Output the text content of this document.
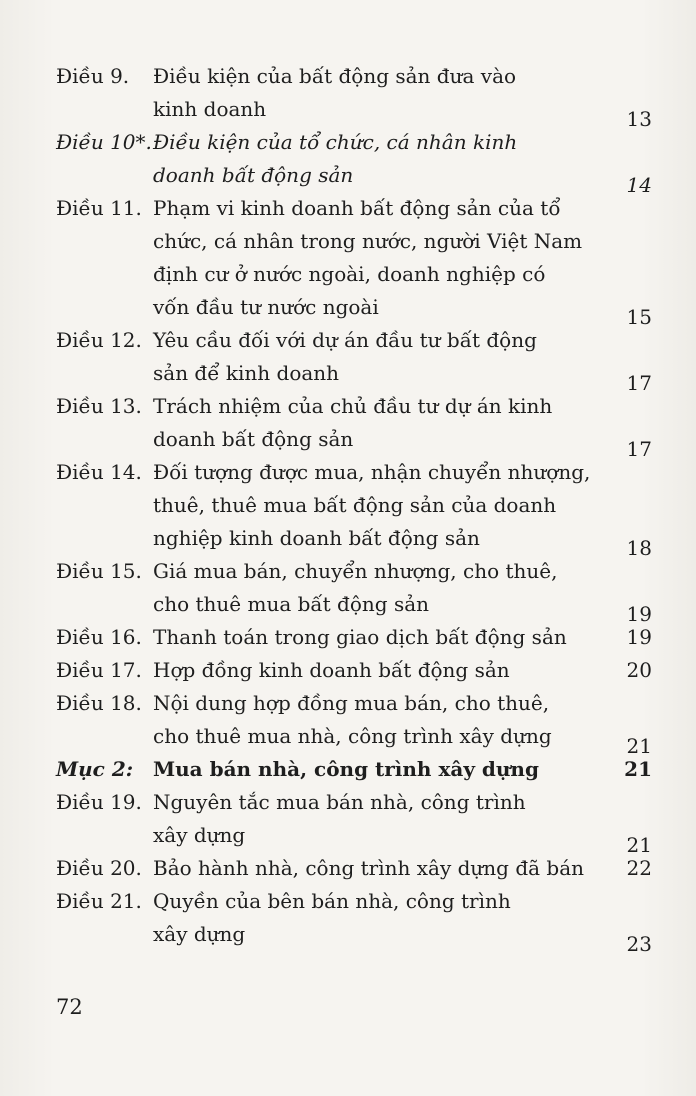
Điều 9.	Điều kiện của bất động sản đưa vào
kinh doanh	13
Điều 10*. Điều kiện của tổ chức, cá nhân kinh
doanh bất động sản	14
Điều 11. Phạm vi kinh doanh bất động sản của tổ
chức, cá nhân trong nước, người Việt Nam
định cư ở nước ngoài, doanh nghiệp có
vốn đầu tư nước ngoài	15
Điều 12. Yêu cầu đối với dự án đầu tư bất động
sản để kinh doanh	17
Điều 13. Trách nhiệm của chủ đầu tư dự án kinh
doanh bất động sản	17
Điều 14. Đối tượng được mua, nhận chuyển nhượng,
thuê, thuê mua bất động sản của doanh
nghiệp kinh doanh bất động sản	18
Điều 15. Giá mua bán, chuyển nhượng, cho thuê,
cho thuê mua bất động sản	19
Điều 16. Thanh toán trong giao dịch bất động sản	19
Điều 17. Hợp đồng kinh doanh bất động sản	20
Điều 18. Nội dung hợp đồng mua bán, cho thuê,
cho thuê mua nhà, công trình xây dựng	21
Mục 2: Mua bán nhà, công trình xây dựng	21
Điều 19. Nguyên tắc mua bán nhà, công trình
xây dựng	21
Điều 20. Bảo hành nhà, công trình xây dựng đã bán	22
Điều 21. Quyền của bên bán nhà, công trình
xây dựng	23
72
